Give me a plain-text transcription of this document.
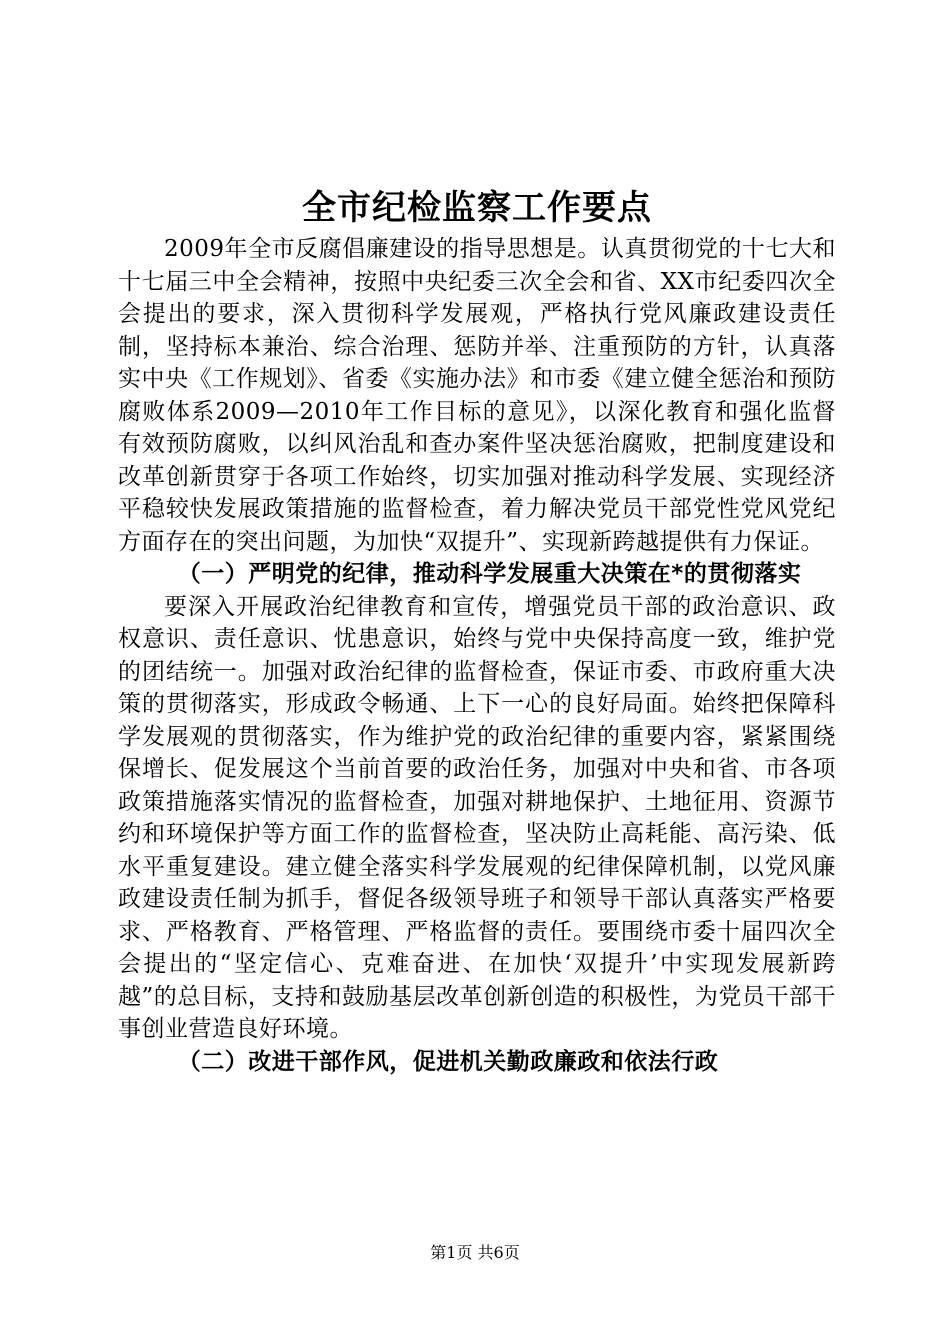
全市纪检监察工作要点

2009年全市反腐倡廉建设的指导思想是。认真贯彻党的十七大和十七届三中全会精神，按照中央纪委三次全会和省、XX市纪委四次全会提出的要求，深入贯彻科学发展观，严格执行党风廉政建设责任制，坚持标本兼治、综合治理、惩防并举、注重预防的方针，认真落实中央《工作规划》、省委《实施办法》和市委《建立健全惩治和预防腐败体系2009—2010年工作目标的意见》，以深化教育和强化监督有效预防腐败，以纠风治乱和查办案件坚决惩治腐败，把制度建设和改革创新贯穿于各项工作始终，切实加强对推动科学发展、实现经济平稳较快发展政策措施的监督检查，着力解决党员干部党性党风党纪方面存在的突出问题，为加快“双提升”、实现新跨越提供有力保证。

（一）严明党的纪律，推动科学发展重大决策在*的贯彻落实

要深入开展政治纪律教育和宣传，增强党员干部的政治意识、政权意识、责任意识、忧患意识，始终与党中央保持高度一致，维护党的团结统一。加强对政治纪律的监督检查，保证市委、市政府重大决策的贯彻落实，形成政令畅通、上下一心的良好局面。始终把保障科学发展观的贯彻落实，作为维护党的政治纪律的重要内容，紧紧围绕保增长、促发展这个当前首要的政治任务，加强对中央和省、市各项政策措施落实情况的监督检查，加强对耕地保护、土地征用、资源节约和环境保护等方面工作的监督检查，坚决防止高耗能、高污染、低水平重复建设。建立健全落实科学发展观的纪律保障机制，以党风廉政建设责任制为抓手，督促各级领导班子和领导干部认真落实严格要求、严格教育、严格管理、严格监督的责任。要围绕市委十届四次全会提出的“坚定信心、克难奋进、在加快‘双提升’中实现发展新跨越”的总目标，支持和鼓励基层改革创新创造的积极性，为党员干部干事创业营造良好环境。

（二）改进干部作风，促进机关勤政廉政和依法行政

第1页 共6页
